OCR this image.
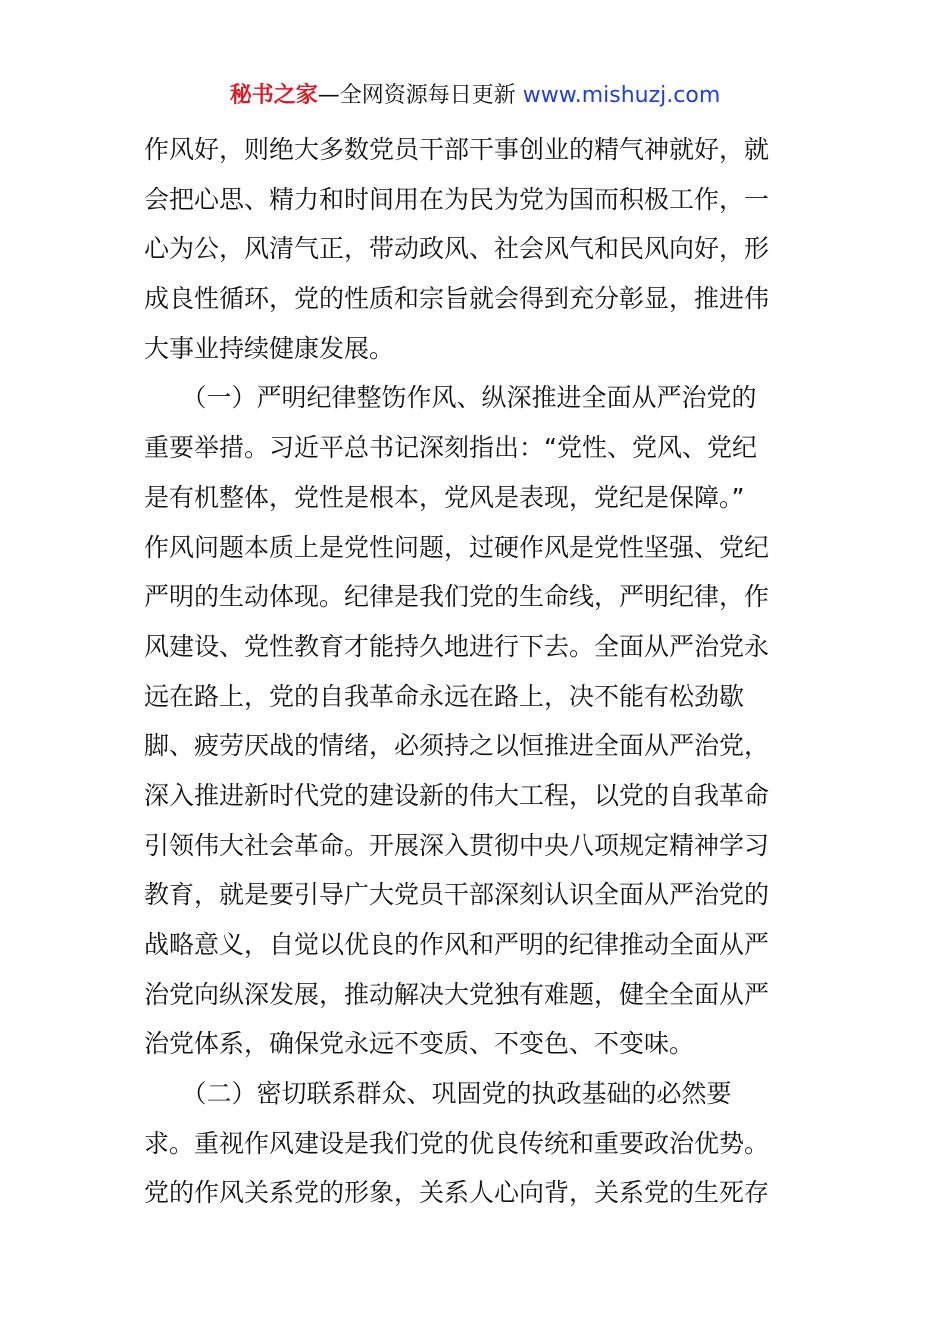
秘书之家—全网资源每日更新 www.mishuzj.com
作风好，则绝大多数党员干部干事创业的精气神就好，就
会把心思、精力和时间用在为民为党为国而积极工作，一
心为公，风清气正，带动政风、社会风气和民风向好，形
成良性循环，党的性质和宗旨就会得到充分彰显，推进伟
大事业持续健康发展。
　　（一）严明纪律整饬作风、纵深推进全面从严治党的
重要举措。习近平总书记深刻指出：“党性、党风、党纪
是有机整体，党性是根本，党风是表现，党纪是保障。”
作风问题本质上是党性问题，过硬作风是党性坚强、党纪
严明的生动体现。纪律是我们党的生命线，严明纪律，作
风建设、党性教育才能持久地进行下去。全面从严治党永
远在路上，党的自我革命永远在路上，决不能有松劲歇
脚、疲劳厌战的情绪，必须持之以恒推进全面从严治党，
深入推进新时代党的建设新的伟大工程，以党的自我革命
引领伟大社会革命。开展深入贯彻中央八项规定精神学习
教育，就是要引导广大党员干部深刻认识全面从严治党的
战略意义，自觉以优良的作风和严明的纪律推动全面从严
治党向纵深发展，推动解决大党独有难题，健全全面从严
治党体系，确保党永远不变质、不变色、不变味。
　　（二）密切联系群众、巩固党的执政基础的必然要
求。重视作风建设是我们党的优良传统和重要政治优势。
党的作风关系党的形象，关系人心向背，关系党的生死存
